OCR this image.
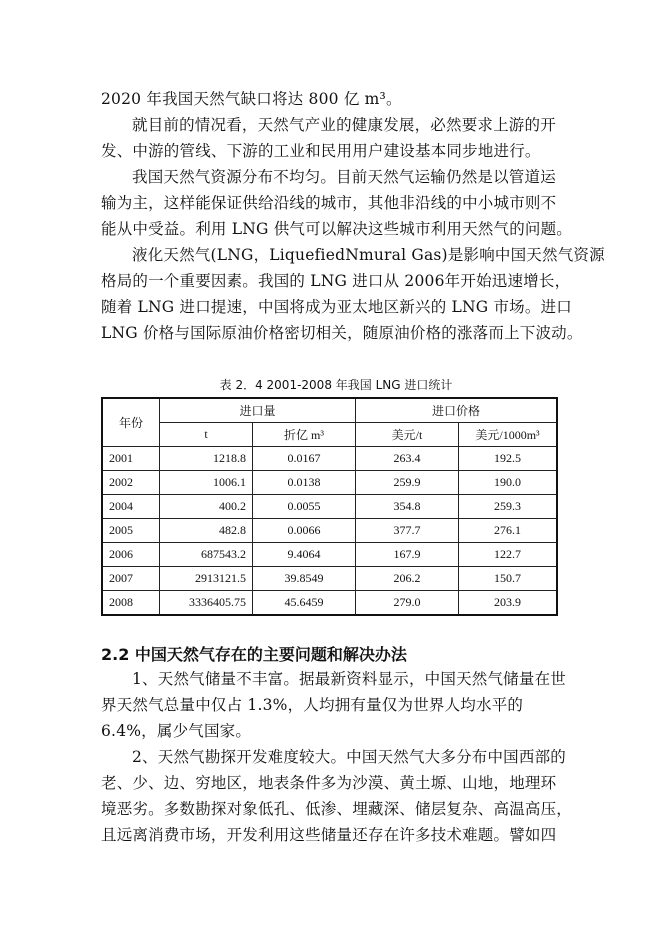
2020 年我国天然气缺口将达 800 亿 m³。
就目前的情况看，天然气产业的健康发展，必然要求上游的开
发、中游的管线、下游的工业和民用用户建设基本同步地进行。
我国天然气资源分布不均匀。目前天然气运输仍然是以管道运
输为主，这样能保证供给沿线的城市，其他非沿线的中小城市则不
能从中受益。利用 LNG 供气可以解决这些城市利用天然气的问题。
液化天然气(LNG，LiquefiedNmural Gas)是影响中国天然气资源
格局的一个重要因素。我国的 LNG 进口从 2006年开始迅速增长，
随着 LNG 进口提速，中国将成为亚太地区新兴的 LNG 市场。进口
LNG 价格与国际原油价格密切相关，随原油价格的涨落而上下波动。
表 2．4 2001-2008 年我国 LNG 进口统计
年份	进口量		进口价格	
	t	折亿 m³	美元/t	美元/1000m³
2001	1218.8	0.0167	263.4	192.5
2002	1006.1	0.0138	259.9	190.0
2004	400.2	0.0055	354.8	259.3
2005	482.8	0.0066	377.7	276.1
2006	687543.2	9.4064	167.9	122.7
2007	2913121.5	39.8549	206.2	150.7
2008	3336405.75	45.6459	279.0	203.9
2.2 中国天然气存在的主要问题和解决办法
1、天然气储量不丰富。据最新资料显示，中国天然气储量在世
界天然气总量中仅占 1.3%，人均拥有量仅为世界人均水平的
6.4%，属少气国家。
2、天然气勘探开发难度较大。中国天然气大多分布中国西部的
老、少、边、穷地区，地表条件多为沙漠、黄土塬、山地，地理环
境恶劣。多数勘探对象低孔、低渗、埋藏深、储层复杂、高温高压，
且远离消费市场，开发利用这些储量还存在许多技术难题。譬如四
